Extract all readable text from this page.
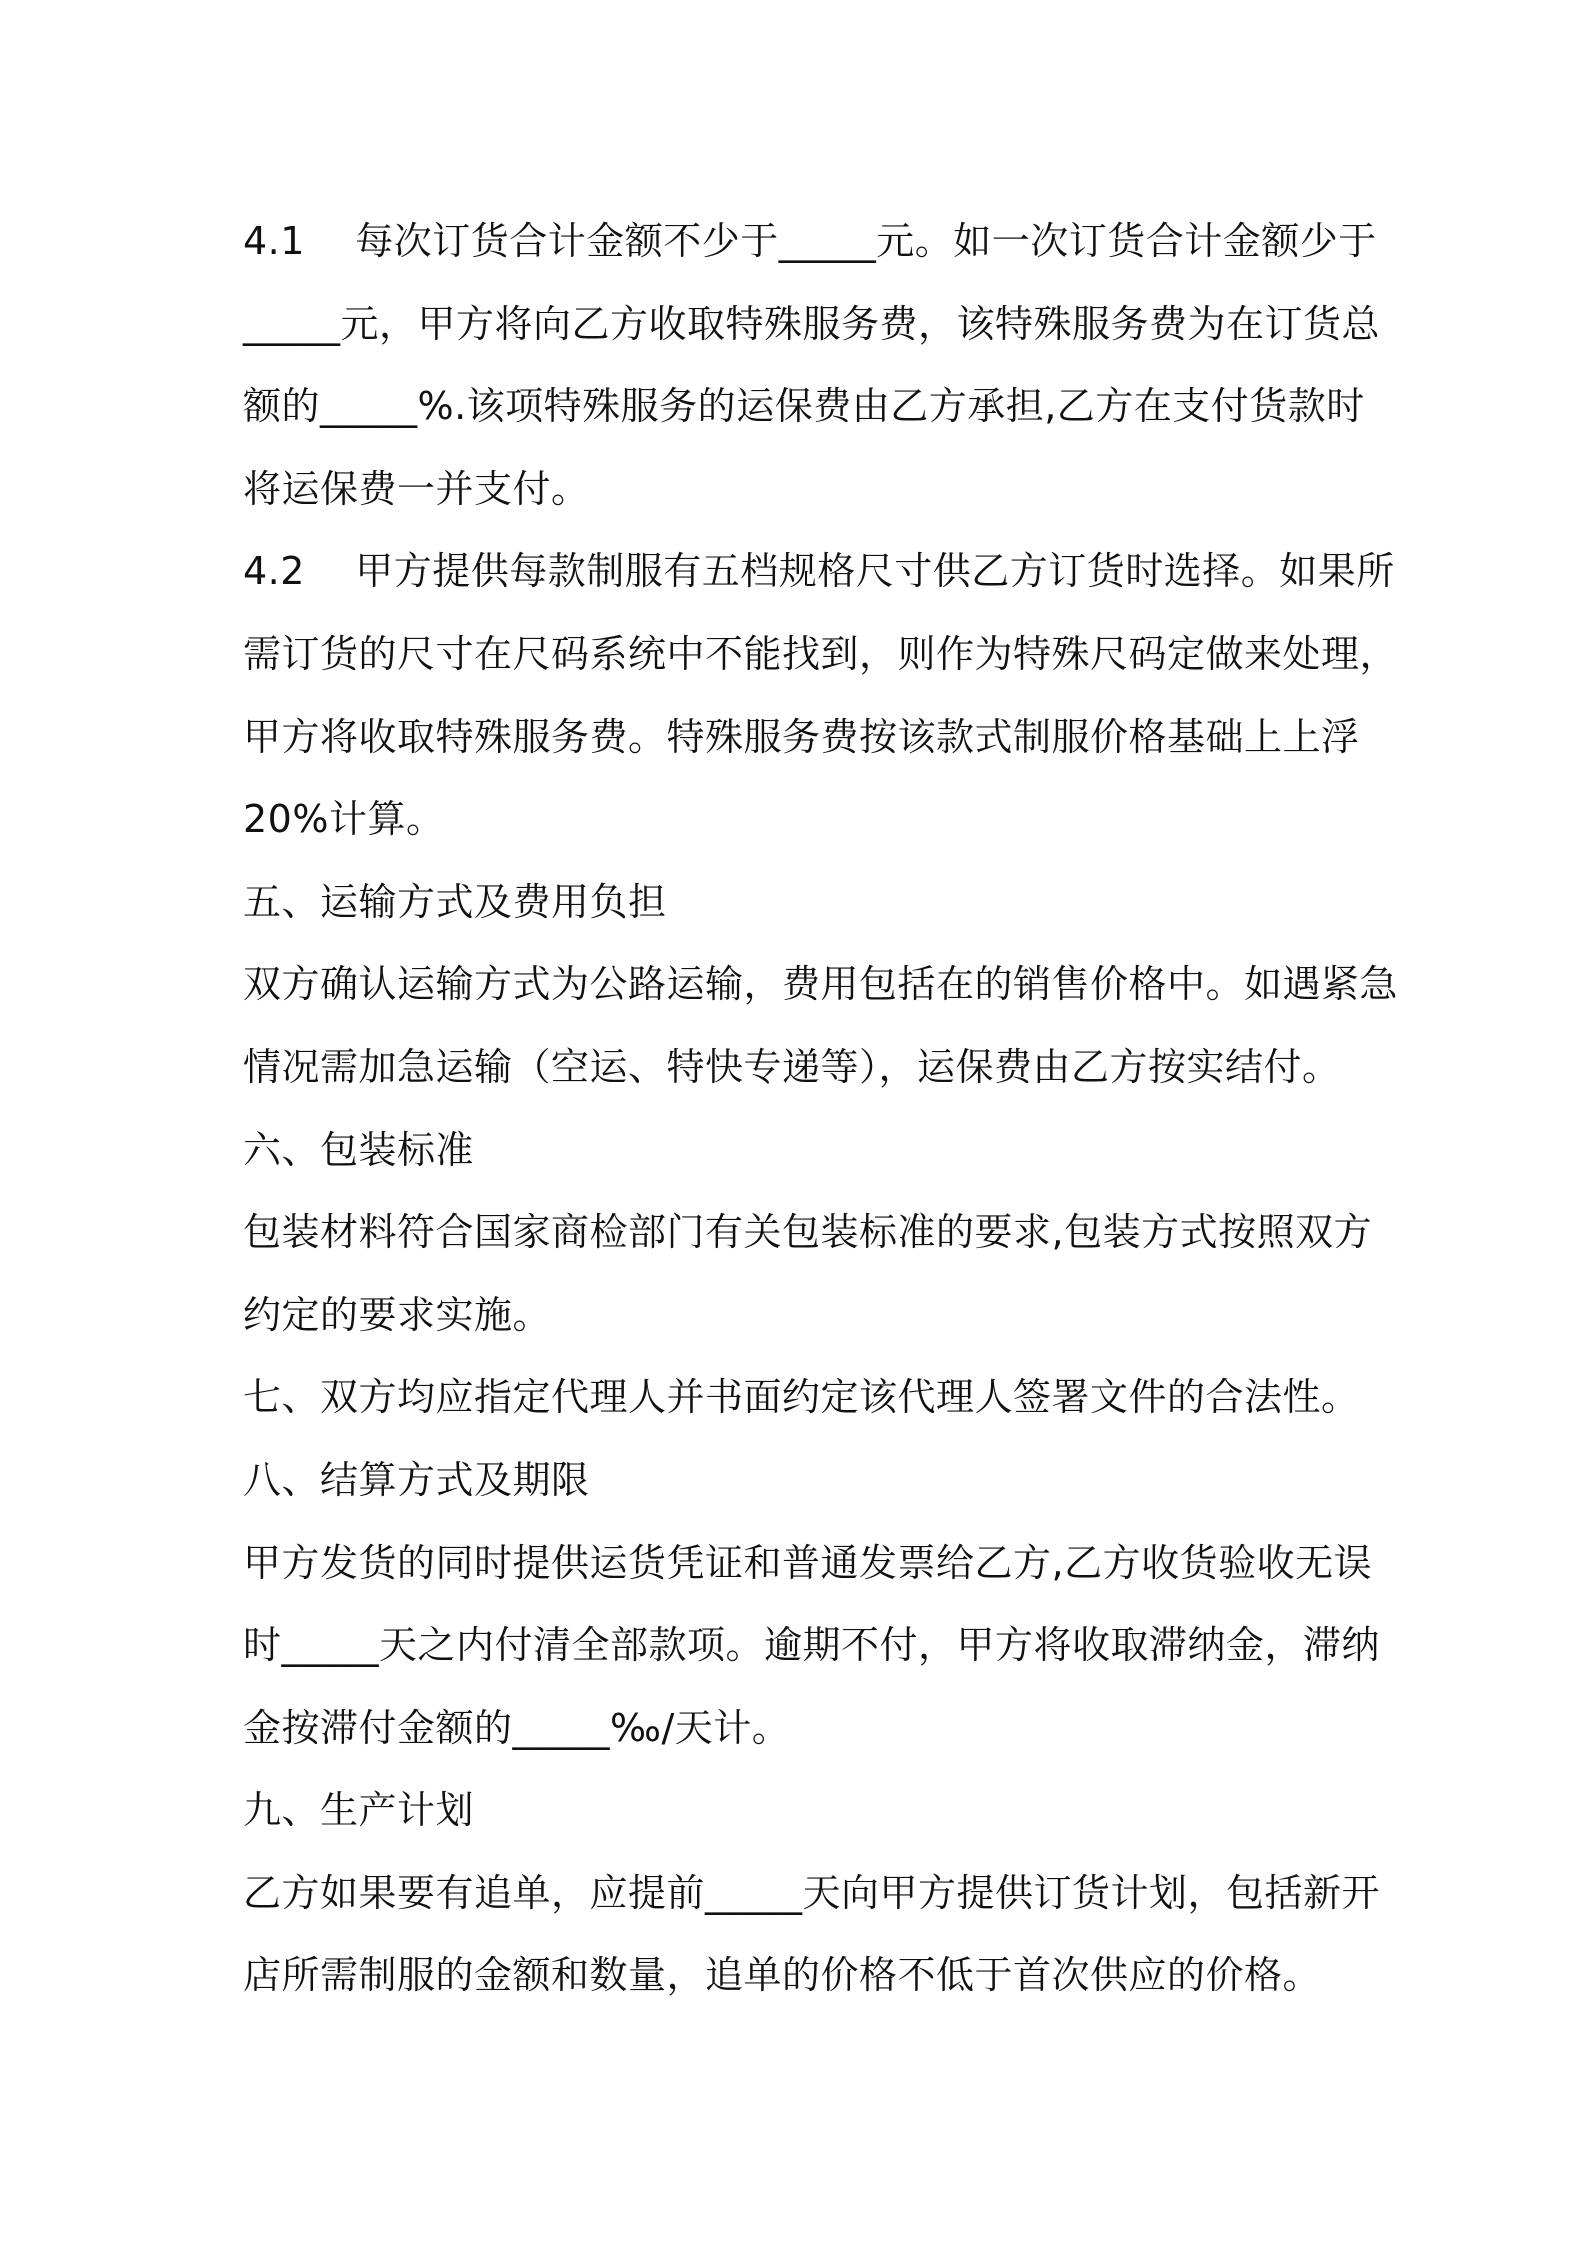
4.1    每次订货合计金额不少于_____元。如一次订货合计金额少于
_____元，甲方将向乙方收取特殊服务费，该特殊服务费为在订货总
额的_____%.该项特殊服务的运保费由乙方承担,乙方在支付货款时
将运保费一并支付。
4.2    甲方提供每款制服有五档规格尺寸供乙方订货时选择。如果所
需订货的尺寸在尺码系统中不能找到，则作为特殊尺码定做来处理，
甲方将收取特殊服务费。特殊服务费按该款式制服价格基础上上浮
20%计算。
五、运输方式及费用负担
双方确认运输方式为公路运输，费用包括在的销售价格中。如遇紧急
情况需加急运输（空运、特快专递等），运保费由乙方按实结付。
六、包装标准
包装材料符合国家商检部门有关包装标准的要求,包装方式按照双方
约定的要求实施。
七、双方均应指定代理人并书面约定该代理人签署文件的合法性。
八、结算方式及期限
甲方发货的同时提供运货凭证和普通发票给乙方,乙方收货验收无误
时_____天之内付清全部款项。逾期不付，甲方将收取滞纳金，滞纳
金按滞付金额的_____‰/天计。
九、生产计划
乙方如果要有追单，应提前_____天向甲方提供订货计划，包括新开
店所需制服的金额和数量，追单的价格不低于首次供应的价格。
